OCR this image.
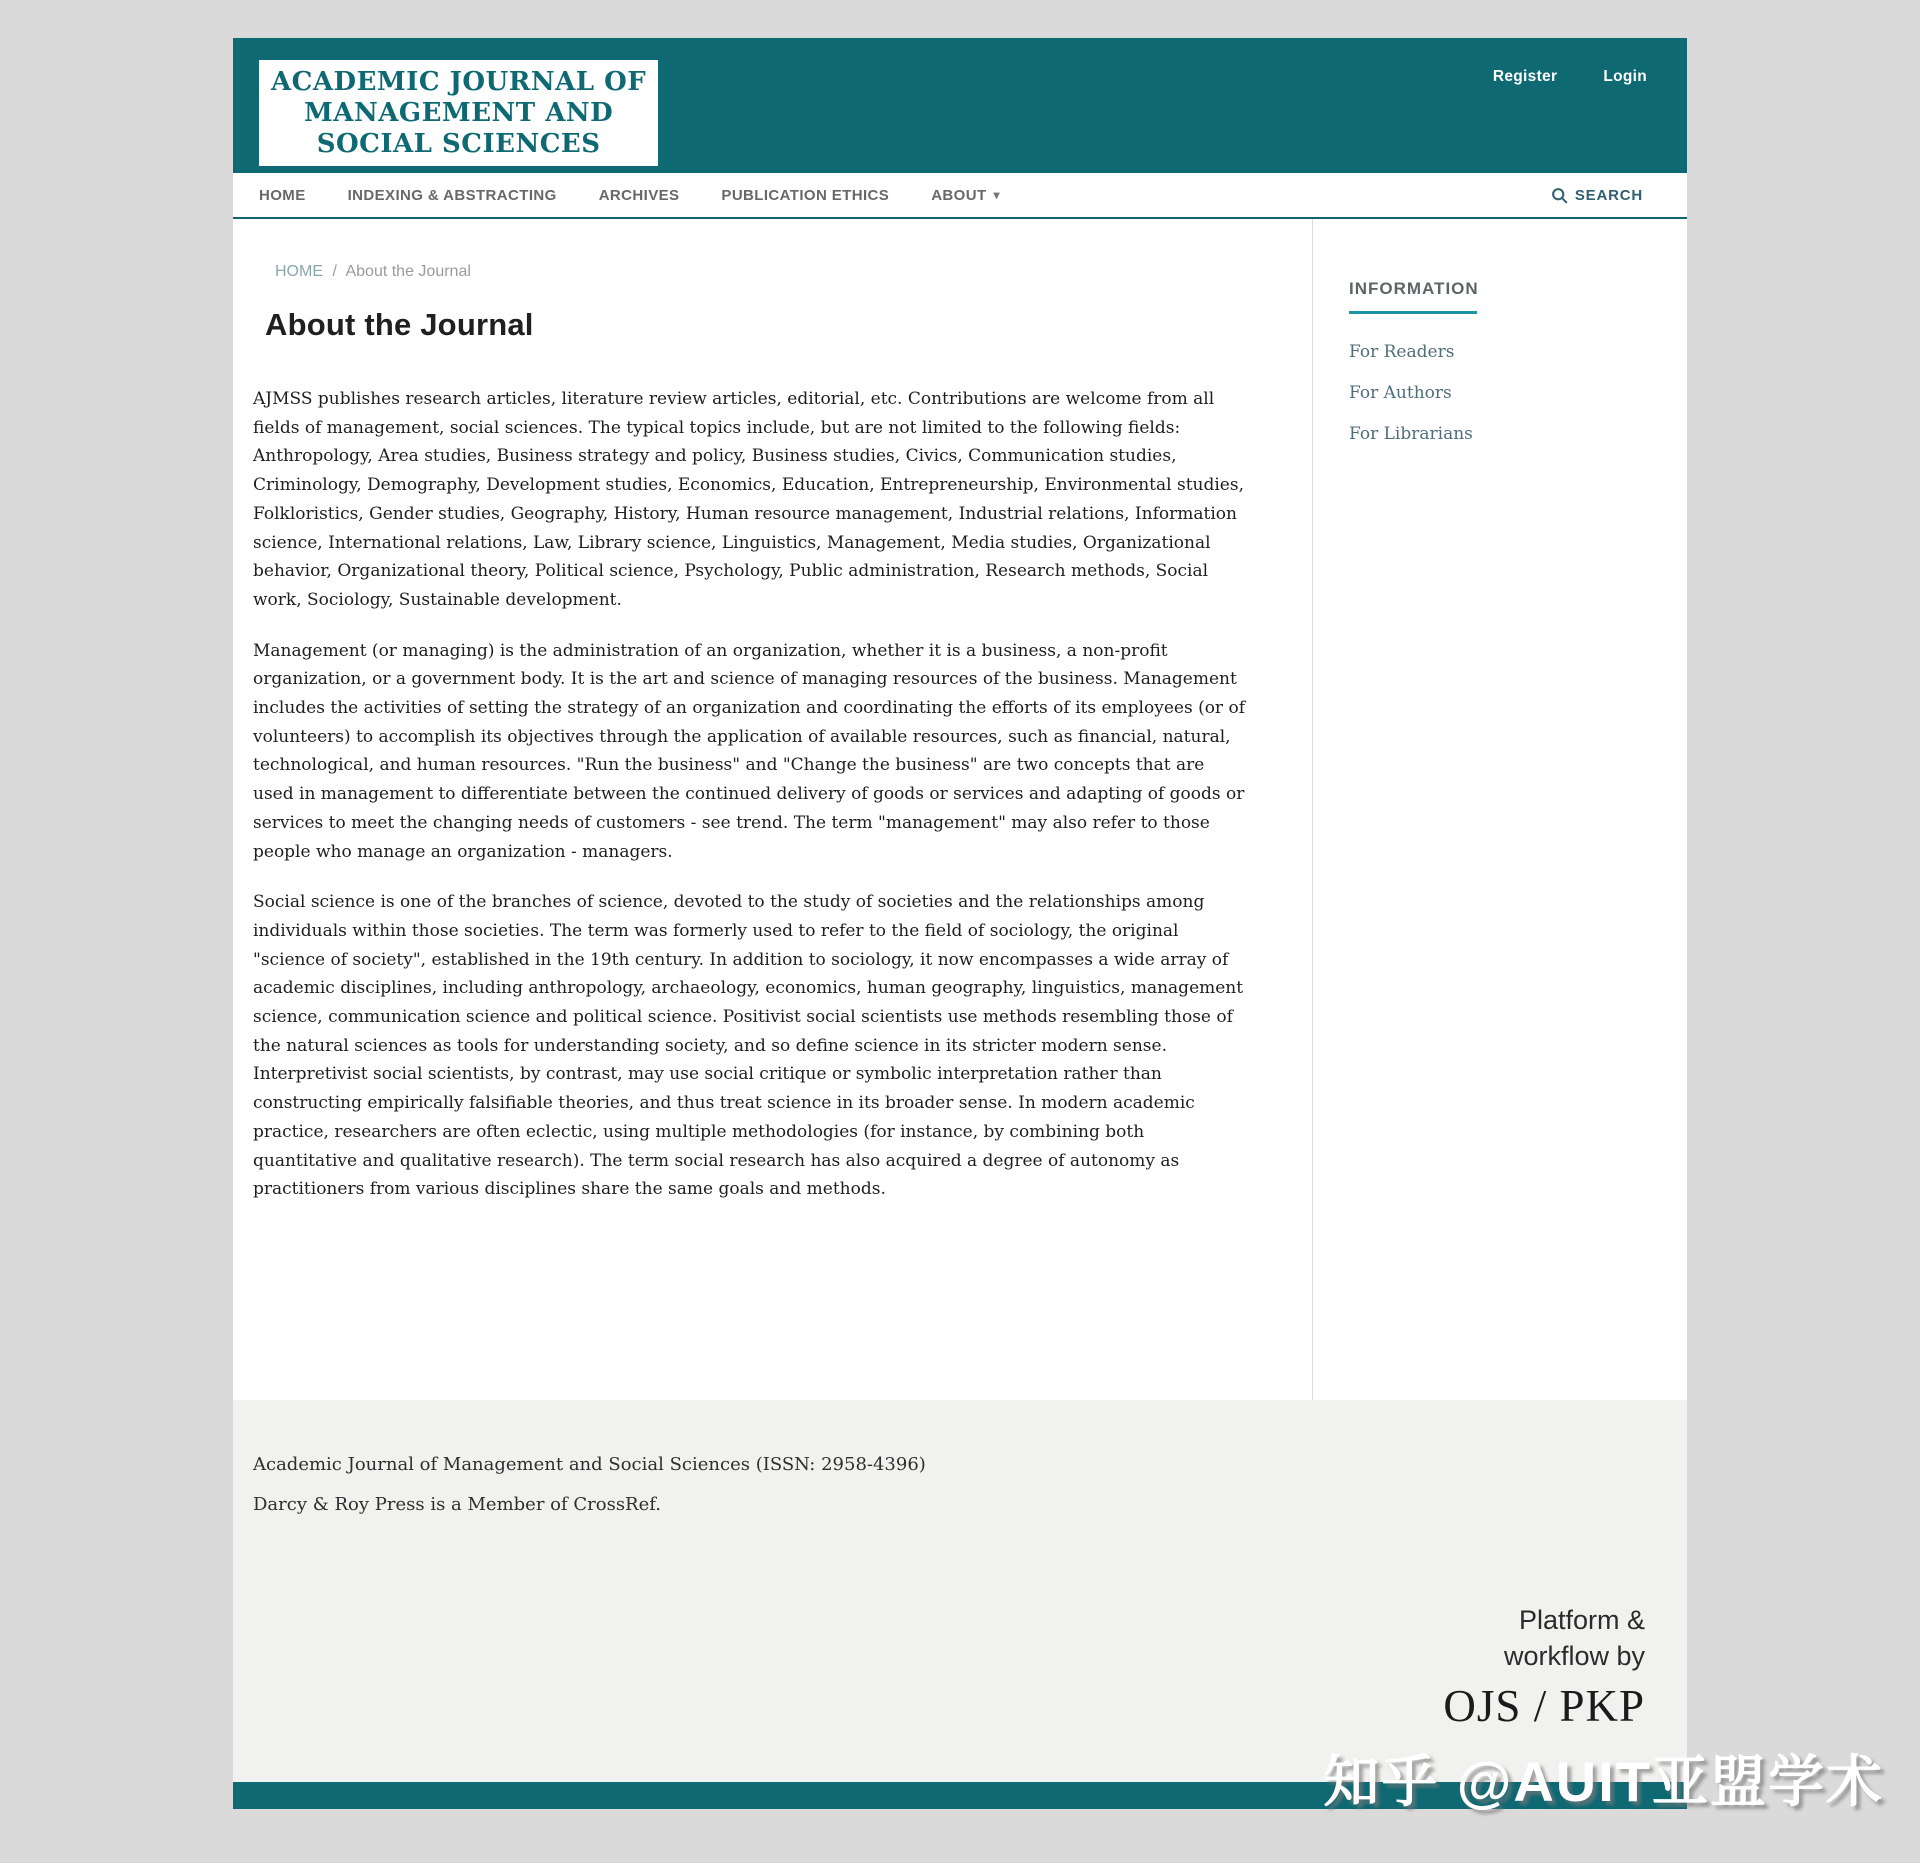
ACADEMIC JOURNAL OF
MANAGEMENT AND
SOCIAL SCIENCES
Register	Login
HOME	INDEXING & ABSTRACTING	ARCHIVES	PUBLICATION ETHICS	ABOUT ▾	SEARCH
HOME / About the Journal
About the Journal

AJMSS publishes research articles, literature review articles, editorial, etc. Contributions are welcome from all fields of management, social sciences. The typical topics include, but are not limited to the following fields: Anthropology, Area studies, Business strategy and policy, Business studies, Civics, Communication studies, Criminology, Demography, Development studies, Economics, Education, Entrepreneurship, Environmental studies, Folkloristics, Gender studies, Geography, History, Human resource management, Industrial relations, Information science, International relations, Law, Library science, Linguistics, Management, Media studies, Organizational behavior, Organizational theory, Political science, Psychology, Public administration, Research methods, Social work, Sociology, Sustainable development.

Management (or managing) is the administration of an organization, whether it is a business, a non-profit organization, or a government body. It is the art and science of managing resources of the business. Management includes the activities of setting the strategy of an organization and coordinating the efforts of its employees (or of volunteers) to accomplish its objectives through the application of available resources, such as financial, natural, technological, and human resources. "Run the business" and "Change the business" are two concepts that are used in management to differentiate between the continued delivery of goods or services and adapting of goods or services to meet the changing needs of customers - see trend. The term "management" may also refer to those people who manage an organization - managers.

Social science is one of the branches of science, devoted to the study of societies and the relationships among individuals within those societies. The term was formerly used to refer to the field of sociology, the original "science of society", established in the 19th century. In addition to sociology, it now encompasses a wide array of academic disciplines, including anthropology, archaeology, economics, human geography, linguistics, management science, communication science and political science. Positivist social scientists use methods resembling those of the natural sciences as tools for understanding society, and so define science in its stricter modern sense. Interpretivist social scientists, by contrast, may use social critique or symbolic interpretation rather than constructing empirically falsifiable theories, and thus treat science in its broader sense. In modern academic practice, researchers are often eclectic, using multiple methodologies (for instance, by combining both quantitative and qualitative research). The term social research has also acquired a degree of autonomy as practitioners from various disciplines share the same goals and methods.

INFORMATION
For Readers
For Authors
For Librarians

Academic Journal of Management and Social Sciences (ISSN: 2958-4396)

Darcy & Roy Press is a Member of CrossRef.

Platform &
workflow by
OJS / PKP
知乎 @AUIT亚盟学术
